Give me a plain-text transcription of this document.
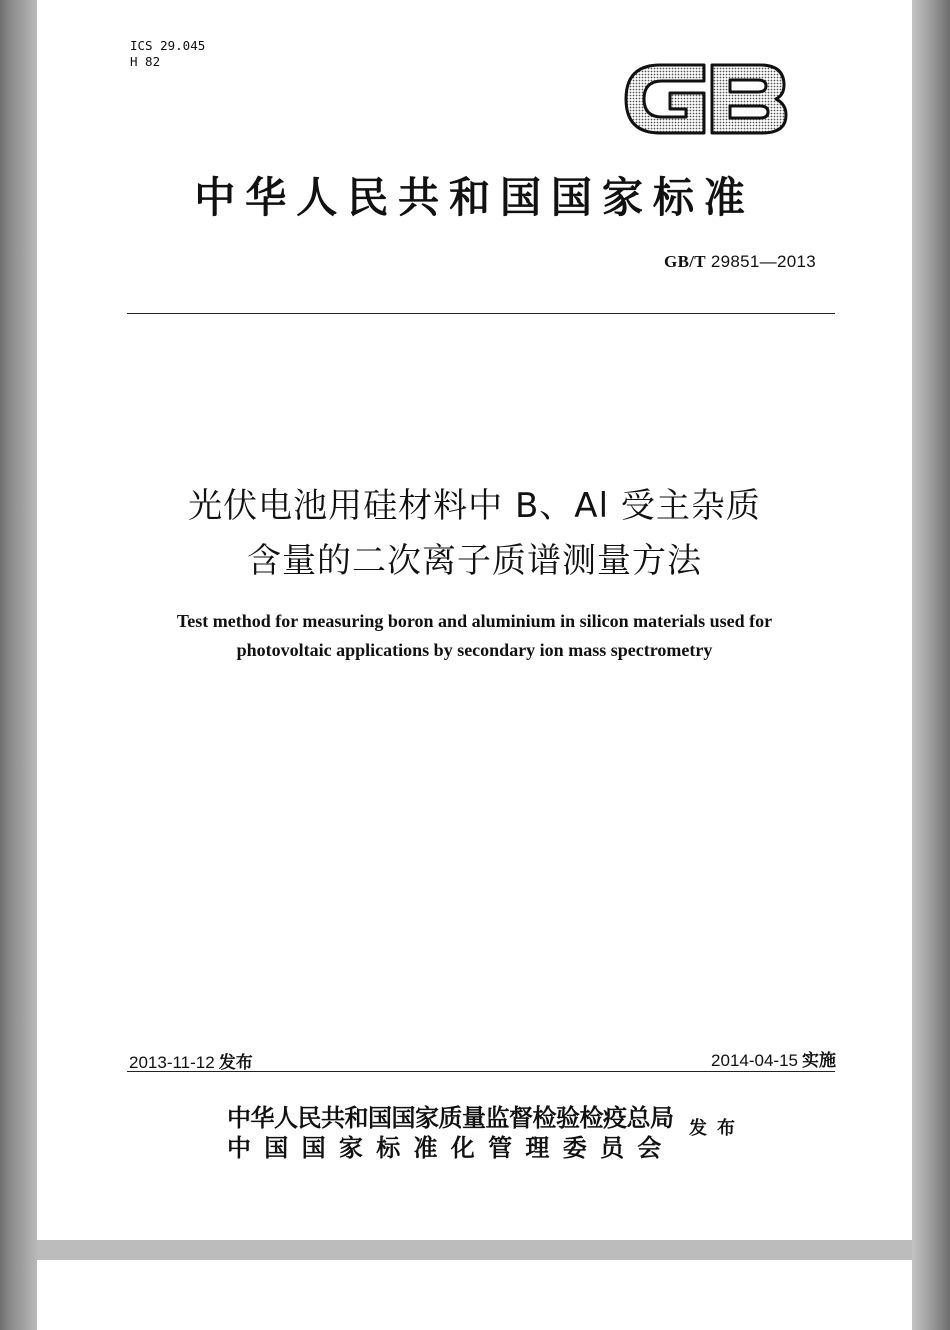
ICS 29.045
H 82
GB
中华人民共和国国家标准
GB/T 29851—2013
光伏电池用硅材料中 B、Al 受主杂质
含量的二次离子质谱测量方法
Test method for measuring boron and aluminium in silicon materials used for
photovoltaic applications by secondary ion mass spectrometry
2013-11-12 发布	2014-04-15 实施
中华人民共和国国家质量监督检验检疫总局
中国国家标准化管理委员会
发布
